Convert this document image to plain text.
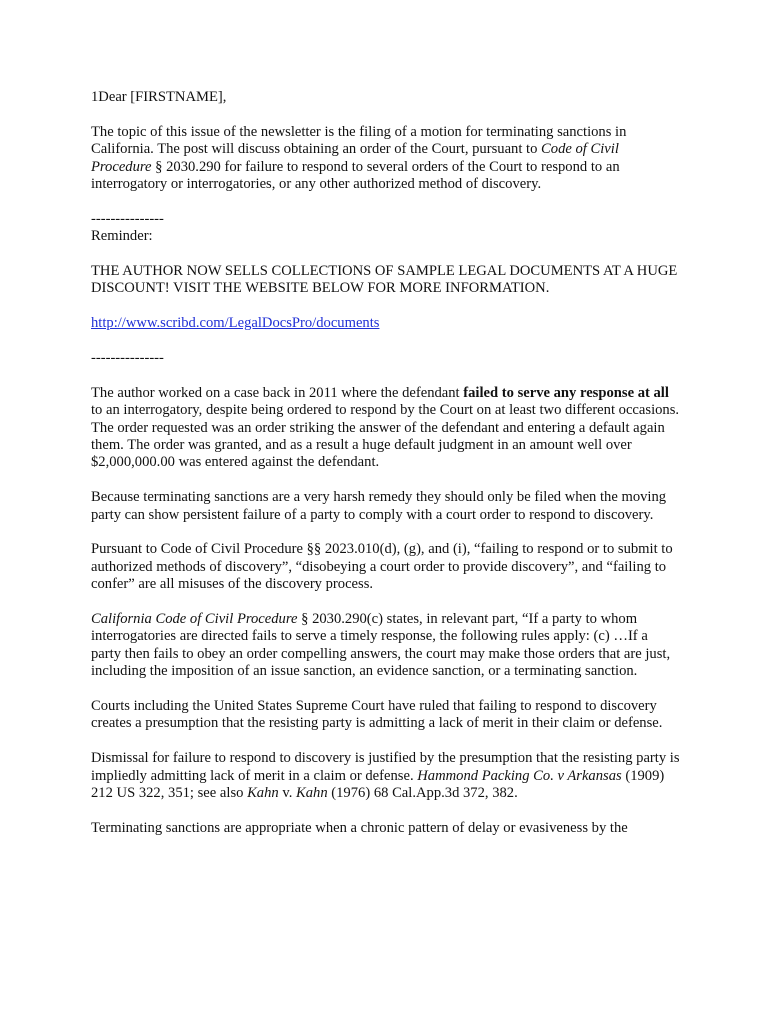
1Dear [FIRSTNAME],

The topic of this issue of the newsletter is the filing of a motion for terminating sanctions in California. The post will discuss obtaining an order of the Court, pursuant to Code of Civil Procedure § 2030.290 for failure to respond to several orders of the Court to respond to an interrogatory or interrogatories, or any other authorized method of discovery.

---------------

Reminder:

THE AUTHOR NOW SELLS COLLECTIONS OF SAMPLE LEGAL DOCUMENTS AT A HUGE DISCOUNT! VISIT THE WEBSITE BELOW FOR MORE INFORMATION.

http://www.scribd.com/LegalDocsPro/documents

---------------

The author worked on a case back in 2011 where the defendant failed to serve any response at all to an interrogatory, despite being ordered to respond by the Court on at least two different occasions. The order requested was an order striking the answer of the defendant and entering a default again them. The order was granted, and as a result a huge default judgment in an amount well over $2,000,000.00 was entered against the defendant.

Because terminating sanctions are a very harsh remedy they should only be filed when the moving party can show persistent failure of a party to comply with a court order to respond to discovery.

Pursuant to Code of Civil Procedure §§ 2023.010(d), (g), and (i), “failing to respond or to submit to authorized methods of discovery”, “disobeying a court order to provide discovery”, and “failing to confer” are all misuses of the discovery process.

California Code of Civil Procedure § 2030.290(c) states, in relevant part, “If a party to whom interrogatories are directed fails to serve a timely response, the following rules apply: (c) …If a party then fails to obey an order compelling answers, the court may make those orders that are just, including the imposition of an issue sanction, an evidence sanction, or a terminating sanction.

Courts including the United States Supreme Court have ruled that failing to respond to discovery creates a presumption that the resisting party is admitting a lack of merit in their claim or defense.

Dismissal for failure to respond to discovery is justified by the presumption that the resisting party is impliedly admitting lack of merit in a claim or defense. Hammond Packing Co. v Arkansas (1909) 212 US 322, 351; see also Kahn v. Kahn (1976) 68 Cal.App.3d 372, 382.

Terminating sanctions are appropriate when a chronic pattern of delay or evasiveness by the
